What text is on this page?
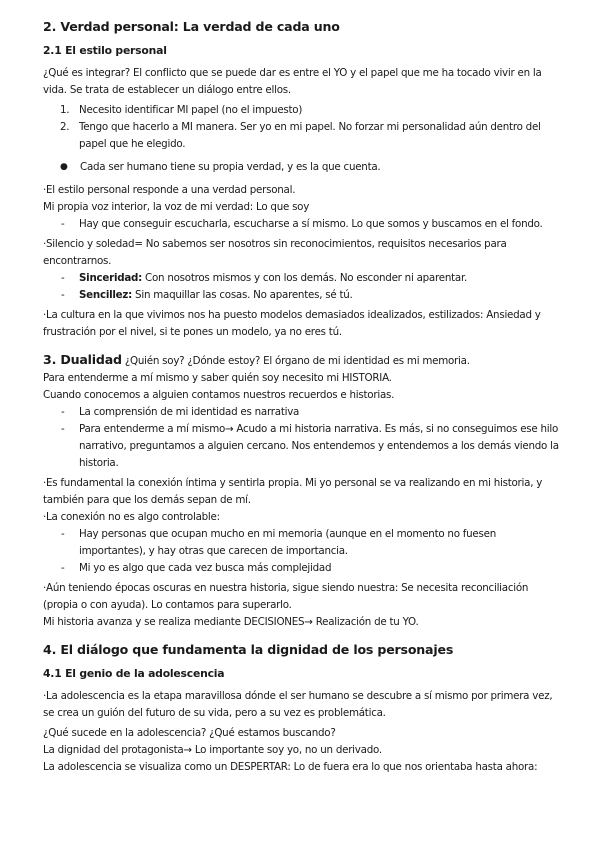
2. Verdad personal: La verdad de cada uno
2.1 El estilo personal

¿Qué es integrar? El conflicto que se puede dar es entre el YO y el papel que me ha tocado vivir en la vida. Se trata de establecer un diálogo entre ellos.

1. Necesito identificar MI papel (no el impuesto)
2. Tengo que hacerlo a MI manera. Ser yo en mi papel. No forzar mi personalidad aún dentro del papel que he elegido.
●	Cada ser humano tiene su propia verdad, y es la que cuenta.

·El estilo personal responde a una verdad personal.

Mi propia voz interior, la voz de mi verdad: Lo que soy

-	Hay que conseguir escucharla, escucharse a sí mismo. Lo que somos y buscamos en el fondo.

·Silencio y soledad= No sabemos ser nosotros sin reconocimientos, requisitos necesarios para encontrarnos.

-	Sinceridad: Con nosotros mismos y con los demás. No esconder ni aparentar.
-	Sencillez: Sin maquillar las cosas. No aparentes, sé tú.

·La cultura en la que vivimos nos ha puesto modelos demasiados idealizados, estilizados: Ansiedad y frustración por el nivel, si te pones un modelo, ya no eres tú.

3. Dualidad ¿Quién soy? ¿Dónde estoy? El órgano de mi identidad es mi memoria.

Para entenderme a mí mismo y saber quién soy necesito mi HISTORIA.

Cuando conocemos a alguien contamos nuestros recuerdos e historias.

-	La comprensión de mi identidad es narrativa
-	Para entenderme a mí mismo→ Acudo a mi historia narrativa. Es más, si no conseguimos ese hilo narrativo, preguntamos a alguien cercano. Nos entendemos y entendemos a los demás viendo la historia.

·Es fundamental la conexión íntima y sentirla propia. Mi yo personal se va realizando en mi historia, y también para que los demás sepan de mí.

·La conexión no es algo controlable:

-	Hay personas que ocupan mucho en mi memoria (aunque en el momento no fuesen importantes), y hay otras que carecen de importancia.
-	Mi yo es algo que cada vez busca más complejidad

·Aún teniendo épocas oscuras en nuestra historia, sigue siendo nuestra: Se necesita reconciliación (propia o con ayuda). Lo contamos para superarlo.

Mi historia avanza y se realiza mediante DECISIONES→ Realización de tu YO.

4. El diálogo que fundamenta la dignidad de los personajes
4.1 El genio de la adolescencia

·La adolescencia es la etapa maravillosa dónde el ser humano se descubre a sí mismo por primera vez, se crea un guión del futuro de su vida, pero a su vez es problemática.

¿Qué sucede en la adolescencia? ¿Qué estamos buscando?

La dignidad del protagonista→ Lo importante soy yo, no un derivado.

La adolescencia se visualiza como un DESPERTAR: Lo de fuera era lo que nos orientaba hasta ahora:
